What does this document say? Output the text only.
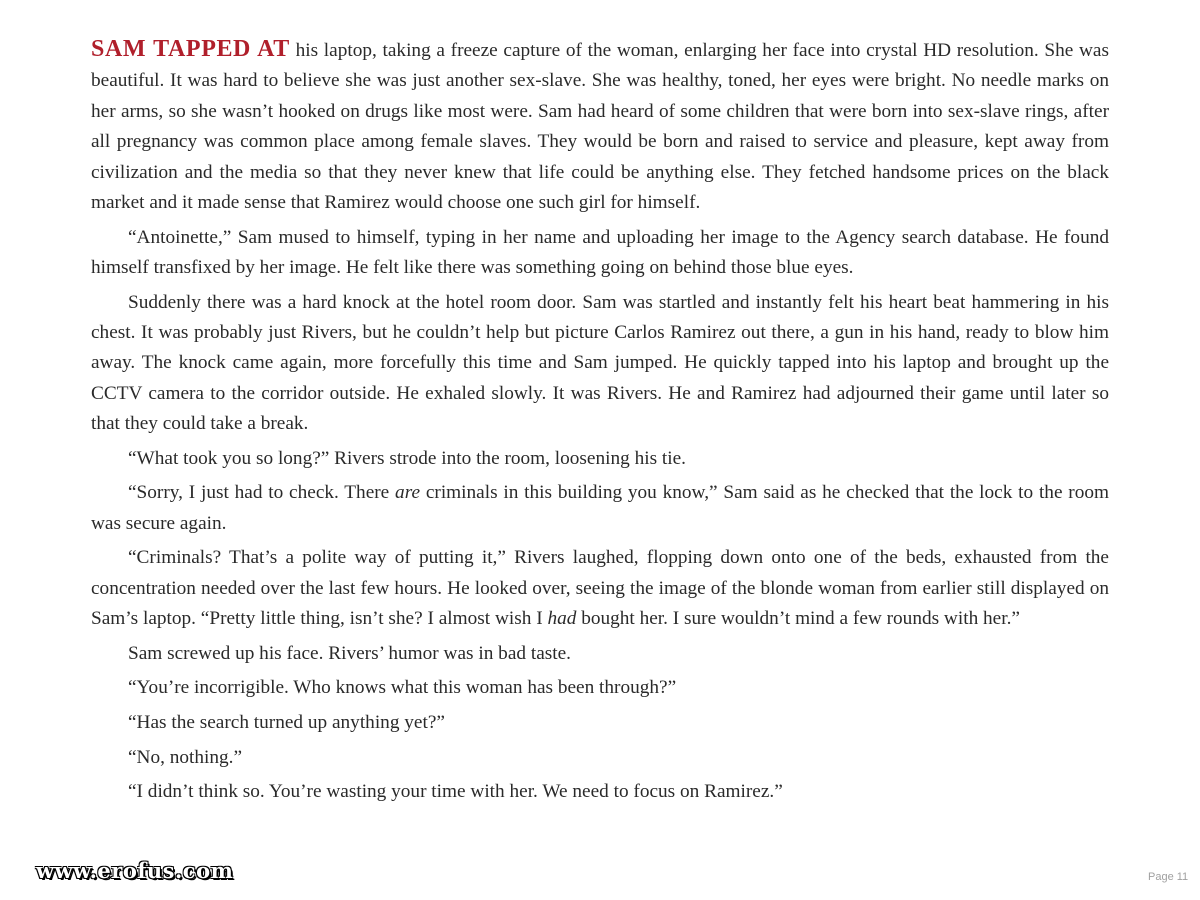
SAM TAPPED AT his laptop, taking a freeze capture of the woman, enlarging her face into crystal HD resolution. She was beautiful. It was hard to believe she was just another sex-slave. She was healthy, toned, her eyes were bright. No needle marks on her arms, so she wasn’t hooked on drugs like most were. Sam had heard of some children that were born into sex-slave rings, after all pregnancy was common place among female slaves. They would be born and raised to service and pleasure, kept away from civilization and the media so that they never knew that life could be anything else. They fetched handsome prices on the black market and it made sense that Ramirez would choose one such girl for himself.

“Antoinette,” Sam mused to himself, typing in her name and uploading her image to the Agency search database. He found himself transfixed by her image. He felt like there was something going on behind those blue eyes.

Suddenly there was a hard knock at the hotel room door. Sam was startled and instantly felt his heart beat hammering in his chest. It was probably just Rivers, but he couldn’t help but picture Carlos Ramirez out there, a gun in his hand, ready to blow him away. The knock came again, more forcefully this time and Sam jumped. He quickly tapped into his laptop and brought up the CCTV camera to the corridor outside. He exhaled slowly. It was Rivers. He and Ramirez had adjourned their game until later so that they could take a break.

“What took you so long?” Rivers strode into the room, loosening his tie.

“Sorry, I just had to check. There are criminals in this building you know,” Sam said as he checked that the lock to the room was secure again.

“Criminals? That’s a polite way of putting it,” Rivers laughed, flopping down onto one of the beds, exhausted from the concentration needed over the last few hours. He looked over, seeing the image of the blonde woman from earlier still displayed on Sam’s laptop. “Pretty little thing, isn’t she? I almost wish I had bought her. I sure wouldn’t mind a few rounds with her.”

Sam screwed up his face. Rivers’ humor was in bad taste.

“You’re incorrigible. Who knows what this woman has been through?”

“Has the search turned up anything yet?”

“No, nothing.”

“I didn’t think so. You’re wasting your time with her. We need to focus on Ramirez.”

www.erofus.com	Page 11
